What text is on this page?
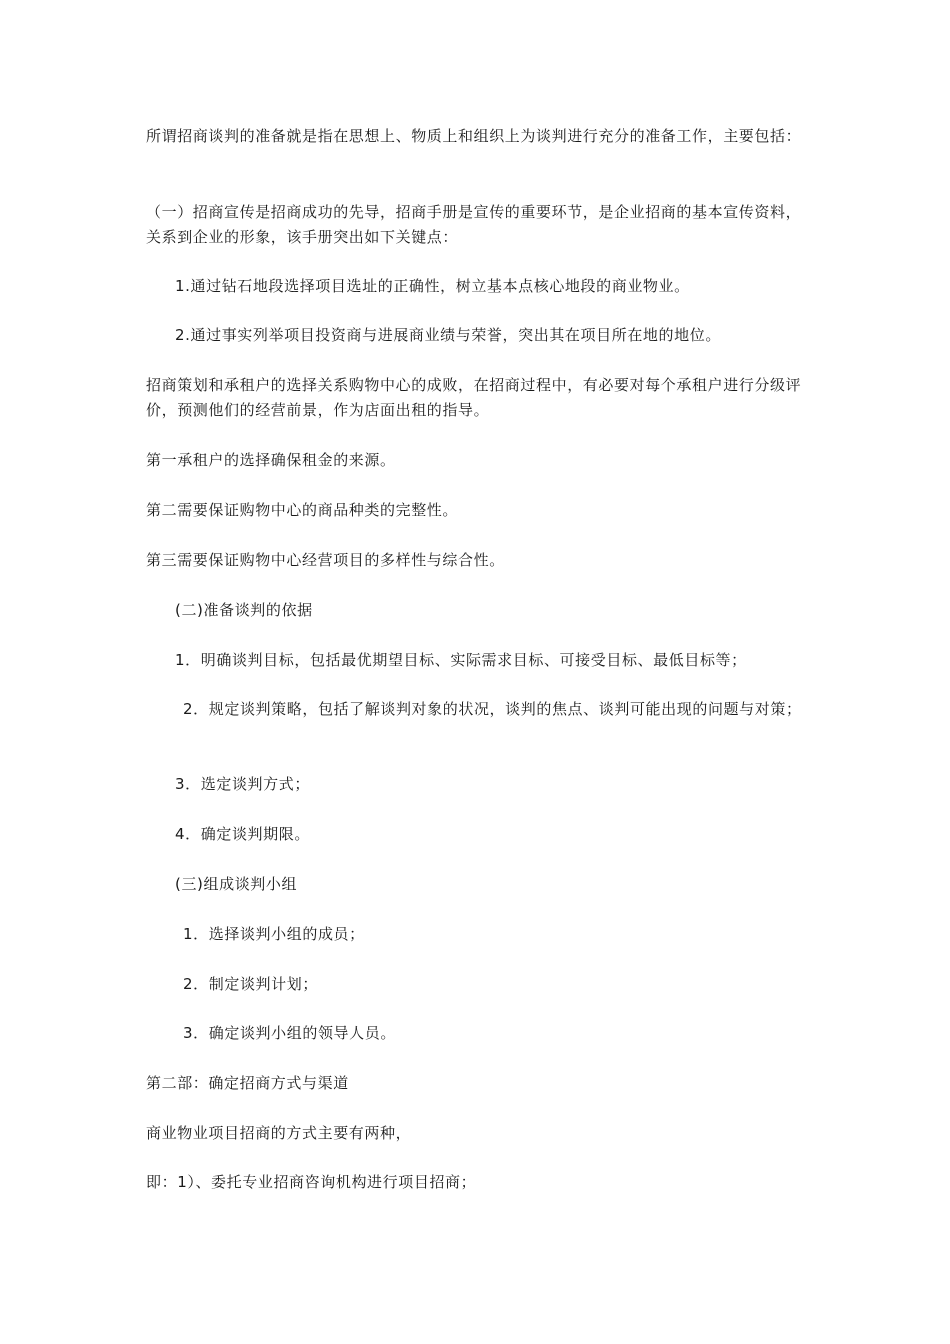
所谓招商谈判的准备就是指在思想上、物质上和组织上为谈判进行充分的准备工作，主要包括：

（一）招商宣传是招商成功的先导，招商手册是宣传的重要环节，是企业招商的基本宣传资料，关系到企业的形象，该手册突出如下关键点：

1.通过钻石地段选择项目选址的正确性，树立基本点核心地段的商业物业。

2.通过事实列举项目投资商与进展商业绩与荣誉，突出其在项目所在地的地位。

招商策划和承租户的选择关系购物中心的成败，在招商过程中，有必要对每个承租户进行分级评价，预测他们的经营前景，作为店面出租的指导。

第一承租户的选择确保租金的来源。

第二需要保证购物中心的商品种类的完整性。

第三需要保证购物中心经营项目的多样性与综合性。

(二)准备谈判的依据

1．明确谈判目标，包括最优期望目标、实际需求目标、可接受目标、最低目标等；

2．规定谈判策略，包括了解谈判对象的状况，谈判的焦点、谈判可能出现的问题与对策；

3．选定谈判方式；

4．确定谈判期限。

(三)组成谈判小组

1．选择谈判小组的成员；

2．制定谈判计划；

3．确定谈判小组的领导人员。

第二部：确定招商方式与渠道

商业物业项目招商的方式主要有两种，

即：1）、委托专业招商咨询机构进行项目招商；
